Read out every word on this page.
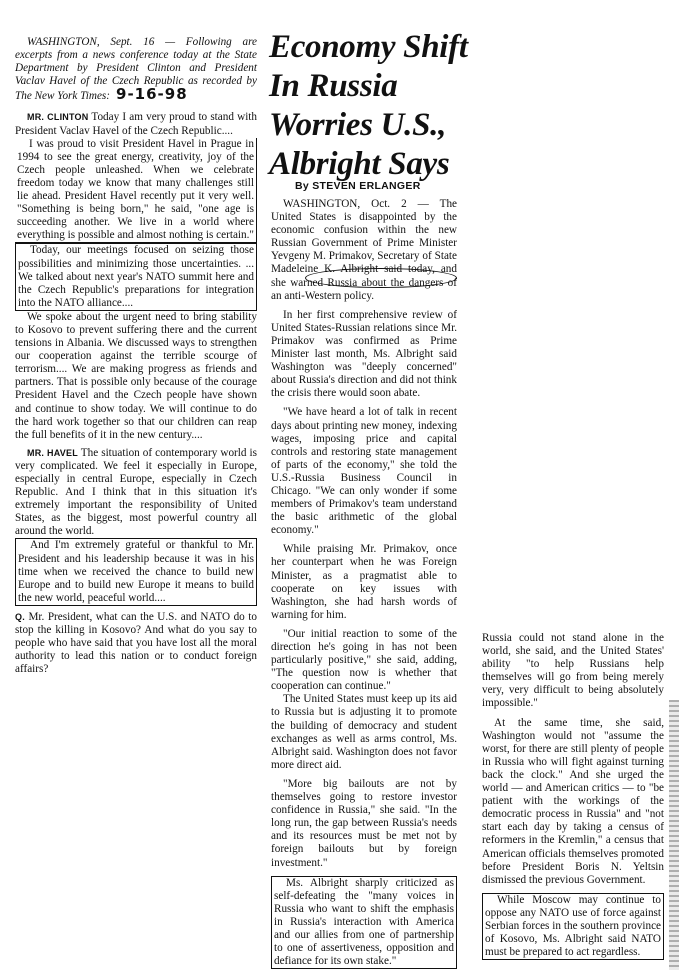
WASHINGTON, Sept. 16 — Following are excerpts from a news conference today at the State Department by President Clinton and President Vaclav Havel of the Czech Republic as recorded by The New York Times: 9-16-98

MR. CLINTON Today I am very proud to stand with President Vaclav Havel of the Czech Republic....

I was proud to visit President Havel in Prague in 1994 to see the great energy, creativity, joy of the Czech people unleashed. When we celebrate freedom today we know that many challenges still lie ahead. President Havel recently put it very well. "Something is being born," he said, "one age is succeeding another. We live in a world where everything is possible and almost nothing is certain."

Today, our meetings focused on seizing those possibilities and minimizing those uncertainties. ... We talked about next year's NATO summit here and the Czech Republic's preparations for integration into the NATO alliance....

We spoke about the urgent need to bring stability to Kosovo to prevent suffering there and the current tensions in Albania. We discussed ways to strengthen our cooperation against the terrible scourge of terrorism.... We are making progress as friends and partners. That is possible only because of the courage President Havel and the Czech people have shown and continue to show today. We will continue to do the hard work together so that our children can reap the full benefits of it in the new century....

MR. HAVEL The situation of contemporary world is very complicated. We feel it especially in Europe, especially in central Europe, especially in Czech Republic. And I think that in this situation it's extremely important the responsibility of United States, as the biggest, most powerful country all around the world.

And I'm extremely grateful or thankful to Mr. President and his leadership because it was in his time when we received the chance to build new Europe and to build new Europe it means to build the new world, peaceful world....

Q. Mr. President, what can the U.S. and NATO do to stop the killing in Kosovo? And what do you say to people who have said that you have lost all the moral authority to lead this nation or to conduct foreign affairs?

Economy Shift In Russia Worries U.S., Albright Says
By STEVEN ERLANGER

WASHINGTON, Oct. 2 — The United States is disappointed by the economic confusion within the new Russian Government of Prime Minister Yevgeny M. Primakov, Secretary of State Madeleine K. Albright said today, and she warned Russia about the dangers of an anti-Western policy.

In her first comprehensive review of United States-Russian relations since Mr. Primakov was confirmed as Prime Minister last month, Ms. Albright said Washington was "deeply concerned" about Russia's direction and did not think the crisis there would soon abate.

"We have heard a lot of talk in recent days about printing new money, indexing wages, imposing price and capital controls and restoring state management of parts of the economy," she told the U.S.-Russia Business Council in Chicago. "We can only wonder if some members of Primakov's team understand the basic arithmetic of the global economy."

While praising Mr. Primakov, once her counterpart when he was Foreign Minister, as a pragmatist able to cooperate on key issues with Washington, she had harsh words of warning for him.

"Our initial reaction to some of the direction he's going in has not been particularly positive," she said, adding, "The question now is whether that cooperation can continue."

The United States must keep up its aid to Russia but is adjusting it to promote the building of democracy and student exchanges as well as arms control, Ms. Albright said. Washington does not favor more direct aid.

"More big bailouts are not by themselves going to restore investor confidence in Russia," she said. "In the long run, the gap between Russia's needs and its resources must be met not by foreign bailouts but by foreign investment."

Ms. Albright sharply criticized as self-defeating the "many voices in Russia who want to shift the emphasis in Russia's interaction with America and our allies from one of partnership to one of assertiveness, opposition and defiance for its own stake."

Russia could not stand alone in the world, she said, and the United States' ability "to help Russians help themselves will go from being merely very, very difficult to being absolutely impossible."

At the same time, she said, Washington would not "assume the worst, for there are still plenty of people in Russia who will fight against turning back the clock." And she urged the world — and American critics — to "be patient with the workings of the democratic process in Russia" and "not start each day by taking a census of reformers in the Kremlin," a census that American officials themselves promoted before President Boris N. Yeltsin dismissed the previous Government.

While Moscow may continue to oppose any NATO use of force against Serbian forces in the southern province of Kosovo, Ms. Albright said NATO must be prepared to act regardless.
